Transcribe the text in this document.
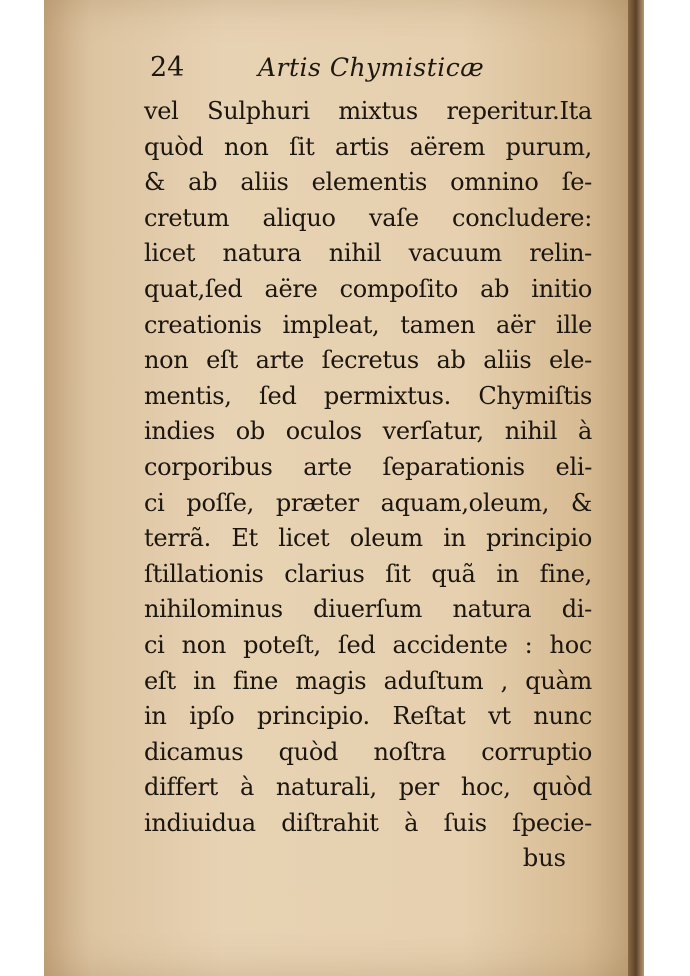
24	Artis Chymisticæ
vel Sulphuri mixtus reperitur.Ita
quòd non ſit artis aërem purum,
& ab aliis elementis omnino ſe-
cretum aliquo vaſe concludere:
licet natura nihil vacuum relin-
quat,ſed aëre compoſito ab initio
creationis impleat, tamen aër ille
non eſt arte ſecretus ab aliis ele-
mentis, ſed permixtus. Chymiſtis
indies ob oculos verſatur, nihil à
corporibus arte ſeparationis eli-
ci poſſe, præter aquam,oleum, &
terrã. Et licet oleum in principio
ſtillationis clarius ſit quã in fine,
nihilominus diuerſum natura di-
ci non poteſt, ſed accidente : hoc
eſt in fine magis aduſtum , quàm
in ipſo principio. Reſtat vt nunc
dicamus quòd noſtra corruptio
differt à naturali, per hoc, quòd
indiuidua diſtrahit à ſuis ſpecie-
bus
